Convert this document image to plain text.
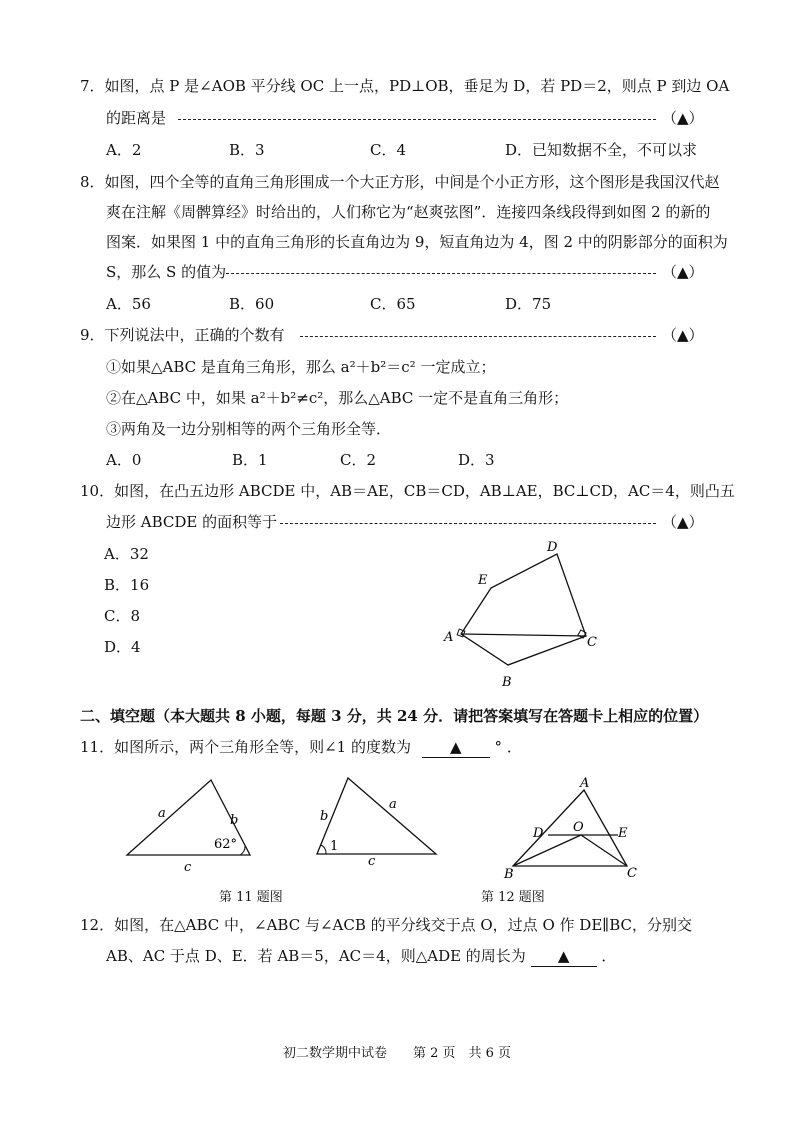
7．如图，点 P 是∠AOB 平分线 OC 上一点，PD⊥OB，垂足为 D，若 PD＝2，则点 P 到边 OA
的距离是	（▲）
A．2	B．3	C．4	D．已知数据不全，不可以求
8．如图，四个全等的直角三角形围成一个大正方形，中间是个小正方形，这个图形是我国汉代赵
爽在注解《周髀算经》时给出的，人们称它为“赵爽弦图”．连接四条线段得到如图 2 的新的
图案．如果图 1 中的直角三角形的长直角边为 9，短直角边为 4，图 2 中的阴影部分的面积为
S，那么 S 的值为	（▲）
A．56	B．60	C．65	D．75
9．下列说法中，正确的个数有	（▲）
①如果△ABC 是直角三角形，那么 a²＋b²＝c² 一定成立；
②在△ABC 中，如果 a²＋b²≠c²，那么△ABC 一定不是直角三角形；
③两角及一边分别相等的两个三角形全等．
A．0	B．1	C．2	D．3
10．如图，在凸五边形 ABCDE 中，AB＝AE，CB＝CD，AB⊥AE，BC⊥CD，AC＝4，则凸五
边形 ABCDE 的面积等于	（▲）
A．32
B．16
C．8
D．4
D
E
A	C
B
二、填空题（本大题共 8 小题，每题 3 分，共 24 分．请把答案填写在答题卡上相应的位置）
11．如图所示，两个三角形全等，则∠1 的度数为	▲ ° ．
a	b
c
62°
b
a
c
1
第 11 题图
A
D O	E
B	C
第 12 题图
12．如图，在△ABC 中，∠ABC 与∠ACB 的平分线交于点 O，过点 O 作 DE∥BC，分别交
AB、AC 于点 D、E．若 AB＝5，AC＝4，则△ADE 的周长为 ▲ ．
初二数学期中试卷　　第 2 页　共 6 页
